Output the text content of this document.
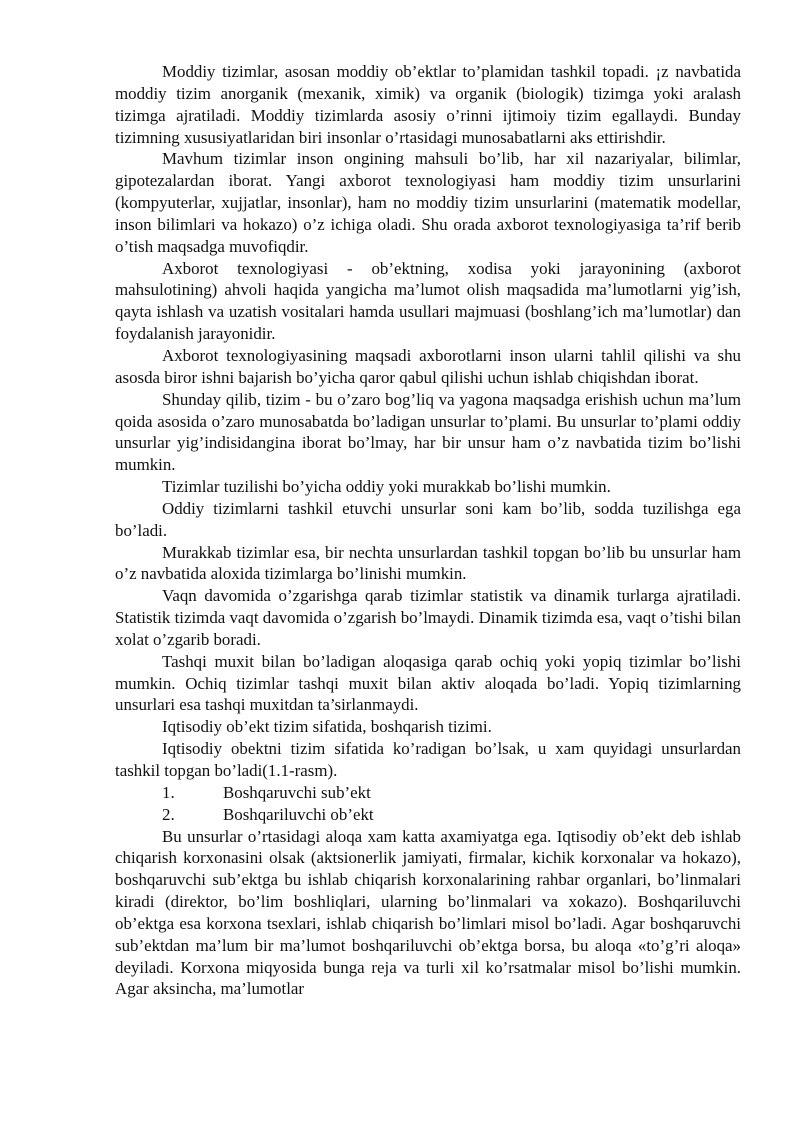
Moddiy tizimlar, asosan moddiy ob’ektlar to’plamidan tashkil topadi. ¡z navbatida moddiy tizim anorganik (mexanik, ximik) va organik (biologik) tizimga yoki aralash tizimga ajratiladi. Moddiy tizimlarda asosiy o’rinni ijtimoiy tizim egallaydi. Bunday tizimning xususiyatlaridan biri insonlar o’rtasidagi munosabatlarni aks ettirishdir.

Mavhum tizimlar inson ongining mahsuli bo’lib, har xil nazariyalar, bilimlar, gipotezalardan iborat. Yangi axborot texnologiyasi ham moddiy tizim unsurlarini (kompyuterlar, xujjatlar, insonlar), ham no moddiy tizim unsurlarini (matematik modellar, inson bilimlari va hokazo) o’z ichiga oladi. Shu orada axborot texnologiyasiga ta’rif berib o’tish maqsadga muvofiqdir.

Axborot texnologiyasi - ob’ektning, xodisa yoki jarayonining (axborot mahsulotining) ahvoli haqida yangicha ma’lumot olish maqsadida ma’lumotlarni yig’ish, qayta ishlash va uzatish vositalari hamda usullari majmuasi (boshlang’ich ma’lumotlar) dan foydalanish jarayonidir.

Axborot texnologiyasining maqsadi axborotlarni inson ularni tahlil qilishi va shu asosda biror ishni bajarish bo’yicha qaror qabul qilishi uchun ishlab chiqishdan iborat.

Shunday qilib, tizim - bu o’zaro bog’liq va yagona maqsadga erishish uchun ma’lum qoida asosida o’zaro munosabatda bo’ladigan unsurlar to’plami. Bu unsurlar to’plami oddiy unsurlar yig’indisidangina iborat bo’lmay, har bir unsur ham o’z navbatida tizim bo’lishi mumkin.

Tizimlar tuzilishi bo’yicha oddiy yoki murakkab bo’lishi mumkin.

Oddiy tizimlarni tashkil etuvchi unsurlar soni kam bo’lib, sodda tuzilishga ega bo’ladi.

Murakkab tizimlar esa, bir nechta unsurlardan tashkil topgan bo’lib bu unsurlar ham o’z navbatida aloxida tizimlarga bo’linishi mumkin.

Vaqn davomida o’zgarishga qarab tizimlar statistik va dinamik turlarga ajratiladi. Statistik tizimda vaqt davomida o’zgarish bo’lmaydi. Dinamik tizimda esa, vaqt o’tishi bilan xolat o’zgarib boradi.

Tashqi muxit bilan bo’ladigan aloqasiga qarab ochiq yoki yopiq tizimlar bo’lishi mumkin. Ochiq tizimlar tashqi muxit bilan aktiv aloqada bo’ladi. Yopiq tizimlarning unsurlari esa tashqi muxitdan ta’sirlanmaydi.

Iqtisodiy ob’ekt tizim sifatida, boshqarish tizimi.

Iqtisodiy obektni tizim sifatida ko’radigan bo’lsak, u xam quyidagi unsurlardan tashkil topgan bo’ladi(1.1-rasm).

1.	Boshqaruvchi sub’ekt
2.	Boshqariluvchi ob’ekt

Bu unsurlar o’rtasidagi aloqa xam katta axamiyatga ega. Iqtisodiy ob’ekt deb ishlab chiqarish korxonasini olsak (aktsionerlik jamiyati, firmalar, kichik korxonalar va hokazo), boshqaruvchi sub’ektga bu ishlab chiqarish korxonalarining rahbar organlari, bo’linmalari kiradi (direktor, bo’lim boshliqlari, ularning bo’linmalari va xokazo). Boshqariluvchi ob’ektga esa korxona tsexlari, ishlab chiqarish bo’limlari misol bo’ladi. Agar boshqaruvchi sub’ektdan ma’lum bir ma’lumot boshqariluvchi ob’ektga borsa, bu aloqa «to’g’ri aloqa» deyiladi. Korxona miqyosida bunga reja va turli xil ko’rsatmalar misol bo’lishi mumkin. Agar aksincha, ma’lumotlar
